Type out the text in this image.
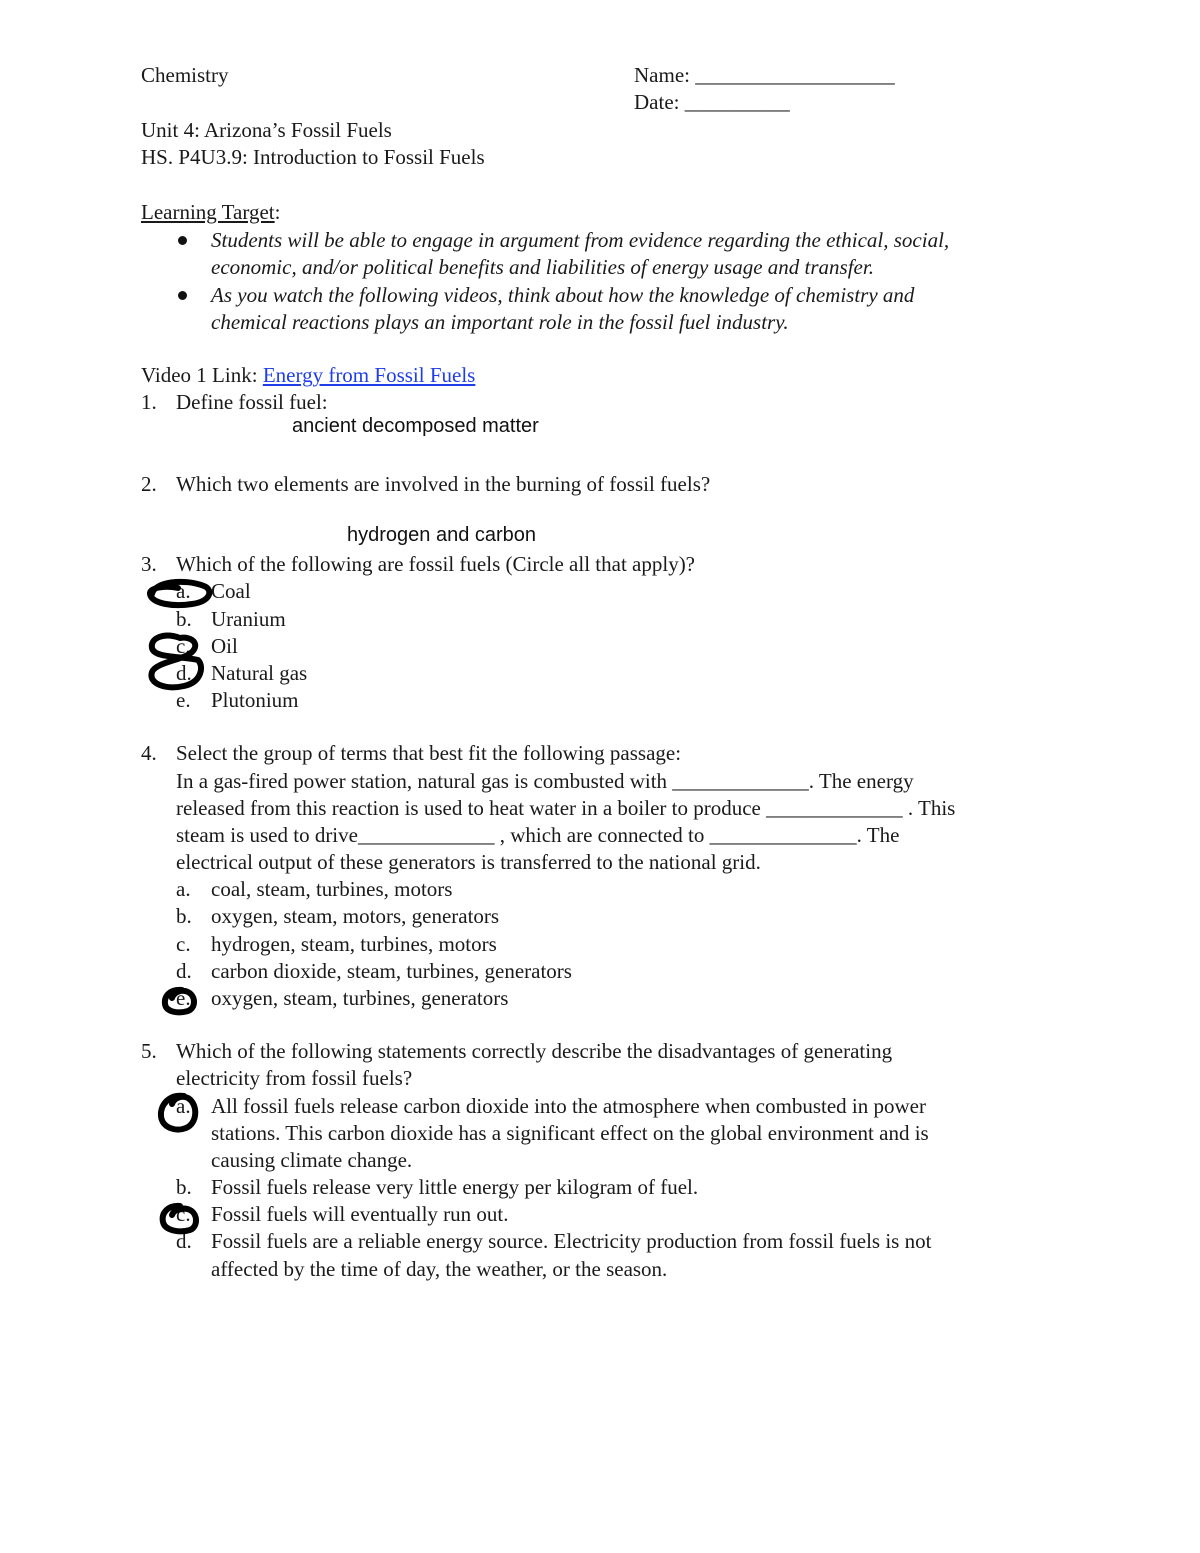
Chemistry	Name: ___________________
Date: __________
Unit 4: Arizona’s Fossil Fuels
HS. P4U3.9: Introduction to Fossil Fuels
Learning Target:
Students will be able to engage in argument from evidence regarding the ethical, social,
economic, and/or political benefits and liabilities of energy usage and transfer.
As you watch the following videos, think about how the knowledge of chemistry and
chemical reactions plays an important role in the fossil fuel industry.
Video 1 Link: Energy from Fossil Fuels
1. Define fossil fuel:
ancient decomposed matter
2. Which two elements are involved in the burning of fossil fuels?
hydrogen and carbon
3. Which of the following are fossil fuels (Circle all that apply)?
a. Coal
b. Uranium
c. Oil
d. Natural gas
e. Plutonium
4. Select the group of terms that best fit the following passage:
In a gas-fired power station, natural gas is combusted with _____________. The energy
released from this reaction is used to heat water in a boiler to produce _____________ . This
steam is used to drive_____________ , which are connected to ______________. The
electrical output of these generators is transferred to the national grid.
a. coal, steam, turbines, motors
b. oxygen, steam, motors, generators
c. hydrogen, steam, turbines, motors
d. carbon dioxide, steam, turbines, generators
e. oxygen, steam, turbines, generators
5. Which of the following statements correctly describe the disadvantages of generating
electricity from fossil fuels?
a. All fossil fuels release carbon dioxide into the atmosphere when combusted in power
stations. This carbon dioxide has a significant effect on the global environment and is
causing climate change.
b. Fossil fuels release very little energy per kilogram of fuel.
c. Fossil fuels will eventually run out.
d. Fossil fuels are a reliable energy source. Electricity production from fossil fuels is not
affected by the time of day, the weather, or the season.
